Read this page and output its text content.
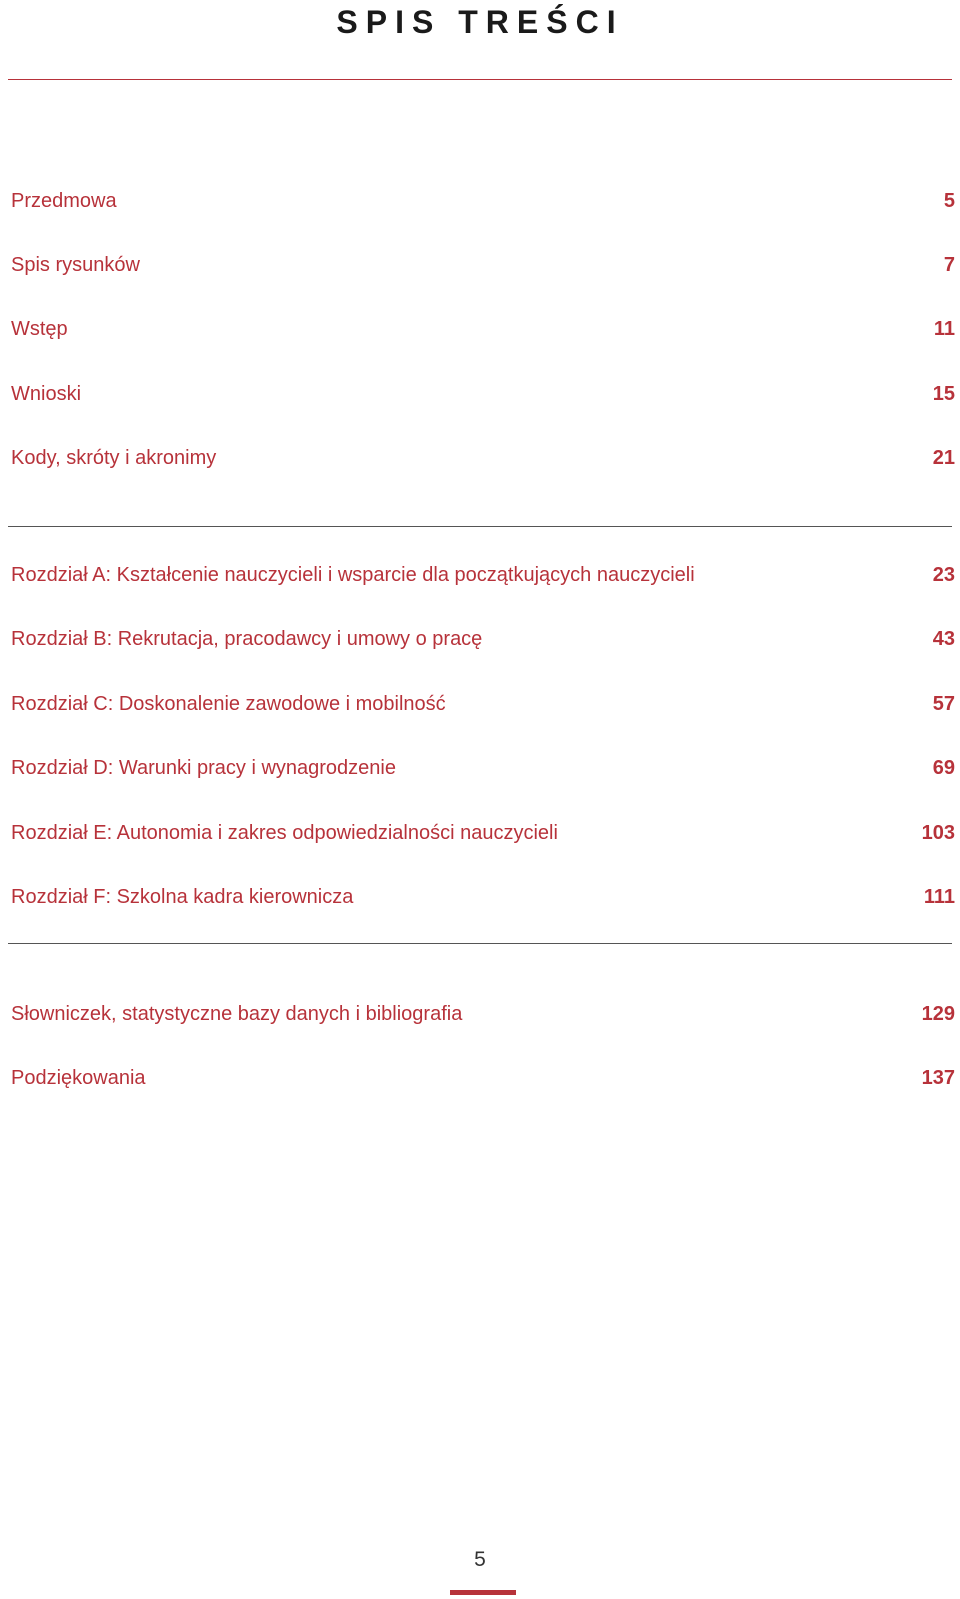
SPIS TREŚCI
Przedmowa	5
Spis rysunków	7
Wstęp	11
Wnioski	15
Kody, skróty i akronimy	21
Rozdział A: Kształcenie nauczycieli i wsparcie dla początkujących nauczycieli	23
Rozdział B: Rekrutacja, pracodawcy i umowy o pracę	43
Rozdział C: Doskonalenie zawodowe i mobilność	57
Rozdział D: Warunki pracy i wynagrodzenie	69
Rozdział E: Autonomia i zakres odpowiedzialności nauczycieli	103
Rozdział F: Szkolna kadra kierownicza	111
Słowniczek, statystyczne bazy danych i bibliografia	129
Podziękowania	137
5
